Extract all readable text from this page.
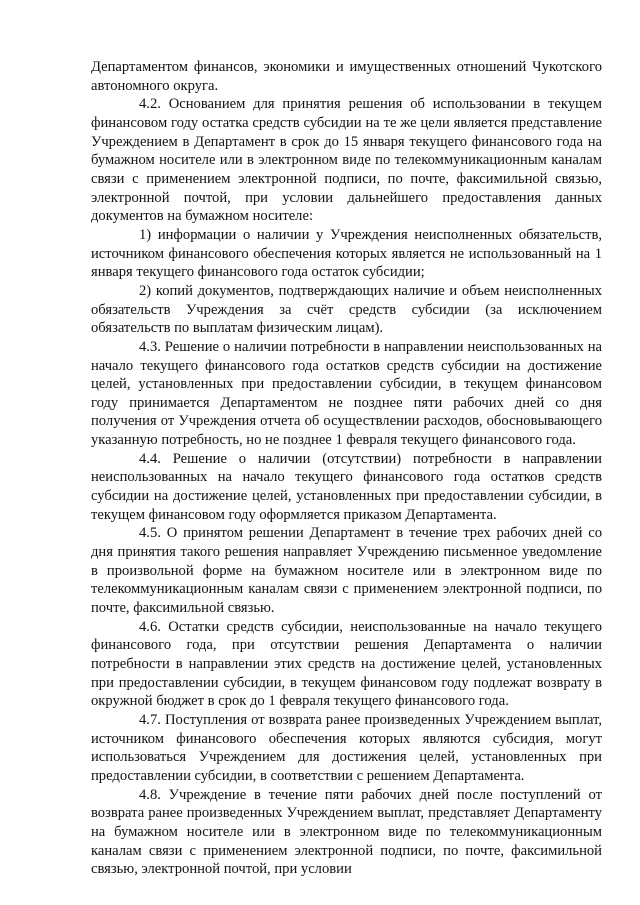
Департаментом финансов, экономики и имущественных отношений Чукотского автономного округа.

4.2. Основанием для принятия решения об использовании в текущем финансовом году остатка средств субсидии на те же цели является представление Учреждением в Департамент в срок до 15 января текущего финансового года на бумажном носителе или в электронном виде по телекоммуникационным каналам связи с применением электронной подписи, по почте, факсимильной связью, электронной почтой, при условии дальнейшего предоставления данных документов на бумажном носителе:

1) информации о наличии у Учреждения неисполненных обязательств, источником финансового обеспечения которых является не использованный на 1 января текущего финансового года остаток субсидии;

2) копий документов, подтверждающих наличие и объем неисполненных обязательств Учреждения за счёт средств субсидии (за исключением обязательств по выплатам физическим лицам).

4.3. Решение о наличии потребности в направлении неиспользованных на начало текущего финансового года остатков средств субсидии на достижение целей, установленных при предоставлении субсидии, в текущем финансовом году принимается Департаментом не позднее пяти рабочих дней со дня получения от Учреждения отчета об осуществлении расходов, обосновывающего указанную потребность, но не позднее 1 февраля текущего финансового года.

4.4. Решение о наличии (отсутствии) потребности в направлении неиспользованных на начало текущего финансового года остатков средств субсидии на достижение целей, установленных при предоставлении субсидии, в текущем финансовом году оформляется приказом Департамента.

4.5. О принятом решении Департамент в течение трех рабочих дней со дня принятия такого решения направляет Учреждению письменное уведомление в произвольной форме на бумажном носителе или в электронном виде по телекоммуникационным каналам связи с применением электронной подписи, по почте, факсимильной связью.

4.6. Остатки средств субсидии, неиспользованные на начало текущего финансового года, при отсутствии решения Департамента о наличии потребности в направлении этих средств на достижение целей, установленных при предоставлении субсидии, в текущем финансовом году подлежат возврату в окружной бюджет в срок до 1 февраля текущего финансового года.

4.7. Поступления от возврата ранее произведенных Учреждением выплат, источником финансового обеспечения которых являются субсидия, могут использоваться Учреждением для достижения целей, установленных при предоставлении субсидии, в соответствии с решением Департамента.

4.8. Учреждение в течение пяти рабочих дней после поступлений от возврата ранее произведенных Учреждением выплат, представляет Департаменту на бумажном носителе или в электронном виде по телекоммуникационным каналам связи с применением электронной подписи, по почте, факсимильной связью, электронной почтой, при условии
